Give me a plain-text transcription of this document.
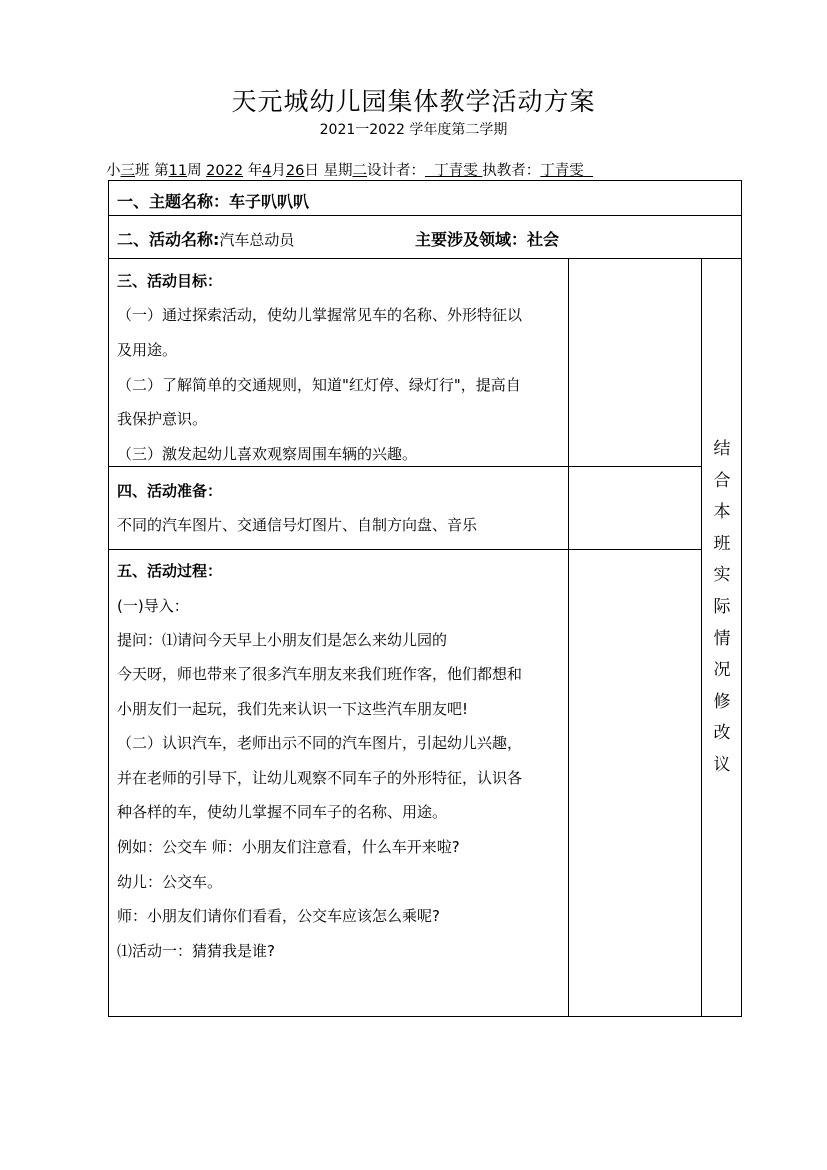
天元城幼儿园集体教学活动方案
2021一2022 学年度第二学期
小三班 第11周 2022 年4月26日 星期二设计者： 丁青雯 执教者：丁青雯
一、主题名称：车子叭叭叭
二、活动名称:汽车总动员	主要涉及领域：社会
三、活动目标：
（一）通过探索活动，使幼儿掌握常见车的名称、外形特征以
及用途。
（二）了解简单的交通规则，知道"红灯停、绿灯行"，提高自
我保护意识。
（三）激发起幼儿喜欢观察周围车辆的兴趣。
四、活动准备：
不同的汽车图片、交通信号灯图片、自制方向盘、音乐
五、活动过程：
(一)导入：
提问：⑴请问今天早上小朋友们是怎么来幼儿园的
今天呀，师也带来了很多汽车朋友来我们班作客，他们都想和
小朋友们一起玩，我们先来认识一下这些汽车朋友吧!
（二）认识汽车，老师出示不同的汽车图片，引起幼儿兴趣，
并在老师的引导下，让幼儿观察不同车子的外形特征，认识各
种各样的车，使幼儿掌握不同车子的名称、用途。
例如：公交车 师：小朋友们注意看，什么车开来啦?
幼儿：公交车。
师：小朋友们请你们看看，公交车应该怎么乘呢?
⑴活动一：猜猜我是谁?
结
合
本
班
实
际
情
况
修
改
议
